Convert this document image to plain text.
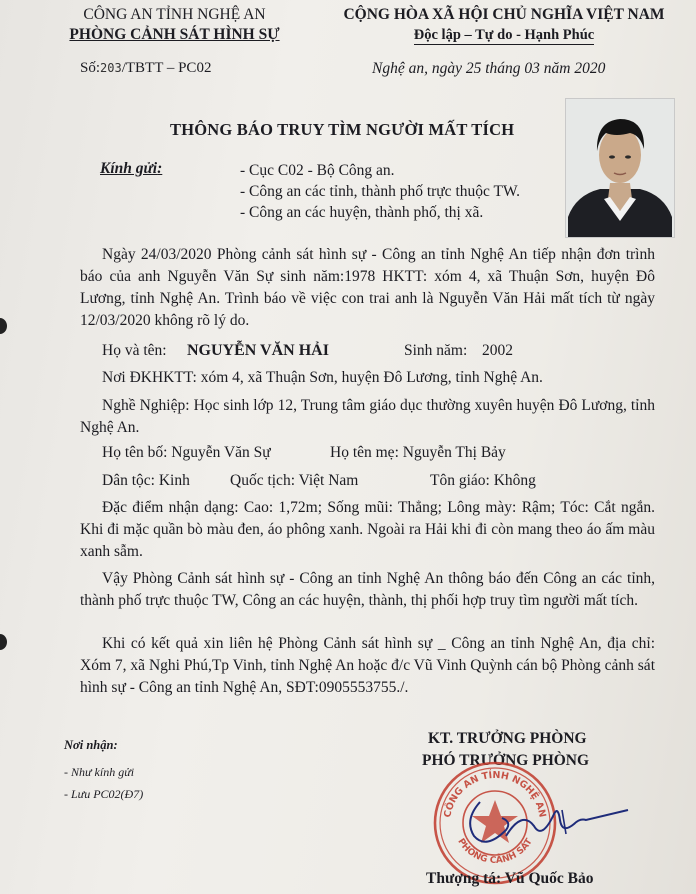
CÔNG AN TỈNH NGHỆ AN
PHÒNG CẢNH SÁT HÌNH SỰ
CỘNG HÒA XÃ HỘI CHỦ NGHĨA VIỆT NAM
Độc lập – Tự do - Hạnh Phúc
Số:203/TBTT – PC02	Nghệ an, ngày 25 tháng 03 năm 2020
THÔNG BÁO TRUY TÌM NGƯỜI MẤT TÍCH
Kính gửi:	- Cục C02 - Bộ Công an.
- Công an các tỉnh, thành phố trực thuộc TW.
- Công an các huyện, thành phố, thị xã.
Ngày 24/03/2020 Phòng cảnh sát hình sự - Công an tỉnh Nghệ An tiếp nhận đơn trình báo của anh Nguyễn Văn Sự sinh năm:1978 HKTT: xóm 4, xã Thuận Sơn, huyện Đô Lương, tỉnh Nghệ An. Trình báo về việc con trai anh là Nguyễn Văn Hải mất tích từ ngày 12/03/2020 không rõ lý do.
Họ và tên: NGUYỄN VĂN HẢI	Sinh năm: 2002
Nơi ĐKHKTT: xóm 4, xã Thuận Sơn, huyện Đô Lương, tỉnh Nghệ An.
Nghề Nghiệp: Học sinh lớp 12, Trung tâm giáo dục thường xuyên huyện Đô Lương, tỉnh Nghệ An.
Họ tên bố: Nguyễn Văn Sự	Họ tên mẹ: Nguyễn Thị Bảy
Dân tộc: Kinh	Quốc tịch: Việt Nam	Tôn giáo: Không
Đặc điểm nhận dạng: Cao: 1,72m; Sống mũi: Thẳng; Lông mày: Rậm; Tóc: Cắt ngắn. Khi đi mặc quần bò màu đen, áo phông xanh. Ngoài ra Hải khi đi còn mang theo áo ấm màu xanh sẫm.
Vậy Phòng Cảnh sát hình sự - Công an tỉnh Nghệ An thông báo đến Công an các tỉnh, thành phố trực thuộc TW, Công an các huyện, thành, thị phối hợp truy tìm người mất tích.
Khi có kết quả xin liên hệ Phòng Cảnh sát hình sự _ Công an tỉnh Nghệ An, địa chỉ: Xóm 7, xã Nghi Phú,Tp Vinh, tỉnh Nghệ An hoặc đ/c Vũ Vinh Quỳnh cán bộ Phòng cảnh sát hình sự - Công an tỉnh Nghệ An, SĐT:0905553755./.
Nơi nhận:
- Như kính gửi
- Lưu PC02(Đ7)
KT. TRƯỞNG PHÒNG
PHÓ TRƯỞNG PHÒNG
CÔNG AN TỈNH NGHỆ AN
PHÒNG CẢNH SÁT
Thượng tá: Vũ Quốc Bảo
